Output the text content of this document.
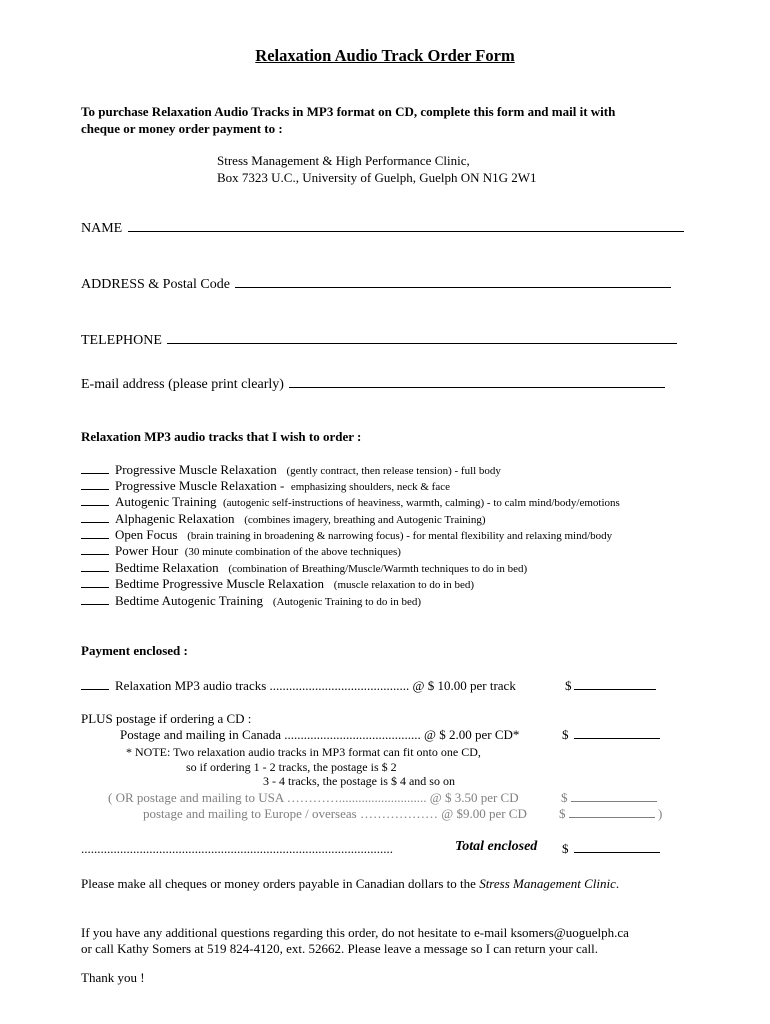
Relaxation Audio Track Order Form
To purchase Relaxation Audio Tracks in MP3 format on CD, complete this form and mail it with
cheque or money order payment to :
Stress Management & High Performance Clinic,
Box 7323 U.C., University of Guelph, Guelph ON N1G 2W1
NAME
ADDRESS & Postal Code
TELEPHONE
E-mail address (please print clearly)
Relaxation MP3 audio tracks that I wish to order :
Progressive Muscle Relaxation (gently contract, then release tension) - full body
Progressive Muscle Relaxation - emphasizing shoulders, neck & face
Autogenic Training (autogenic self-instructions of heaviness, warmth, calming) - to calm mind/body/emotions
Alphagenic Relaxation (combines imagery, breathing and Autogenic Training)
Open Focus (brain training in broadening & narrowing focus) - for mental flexibility and relaxing mind/body
Power Hour (30 minute combination of the above techniques)
Bedtime Relaxation (combination of Breathing/Muscle/Warmth techniques to do in bed)
Bedtime Progressive Muscle Relaxation (muscle relaxation to do in bed)
Bedtime Autogenic Training (Autogenic Training to do in bed)
Payment enclosed :
Relaxation MP3 audio tracks ........................................... @ $ 10.00 per track	$
PLUS postage if ordering a CD :
Postage and mailing in Canada .......................................... @ $ 2.00 per CD*	$
* NOTE: Two relaxation audio tracks in MP3 format can fit onto one CD,
so if ordering 1 - 2 tracks, the postage is $ 2
3 - 4 tracks, the postage is $ 4 and so on
( OR postage and mailing to USA …………........................... @ $ 3.50 per CD	$
postage and mailing to Europe / overseas ……………… @ $9.00 per CD $	)
................................................................................................	Total enclosed $
Please make all cheques or money orders payable in Canadian dollars to the Stress Management Clinic.
If you have any additional questions regarding this order, do not hesitate to e-mail ksomers@uoguelph.ca
or call Kathy Somers at 519 824-4120, ext. 52662. Please leave a message so I can return your call.
Thank you !
